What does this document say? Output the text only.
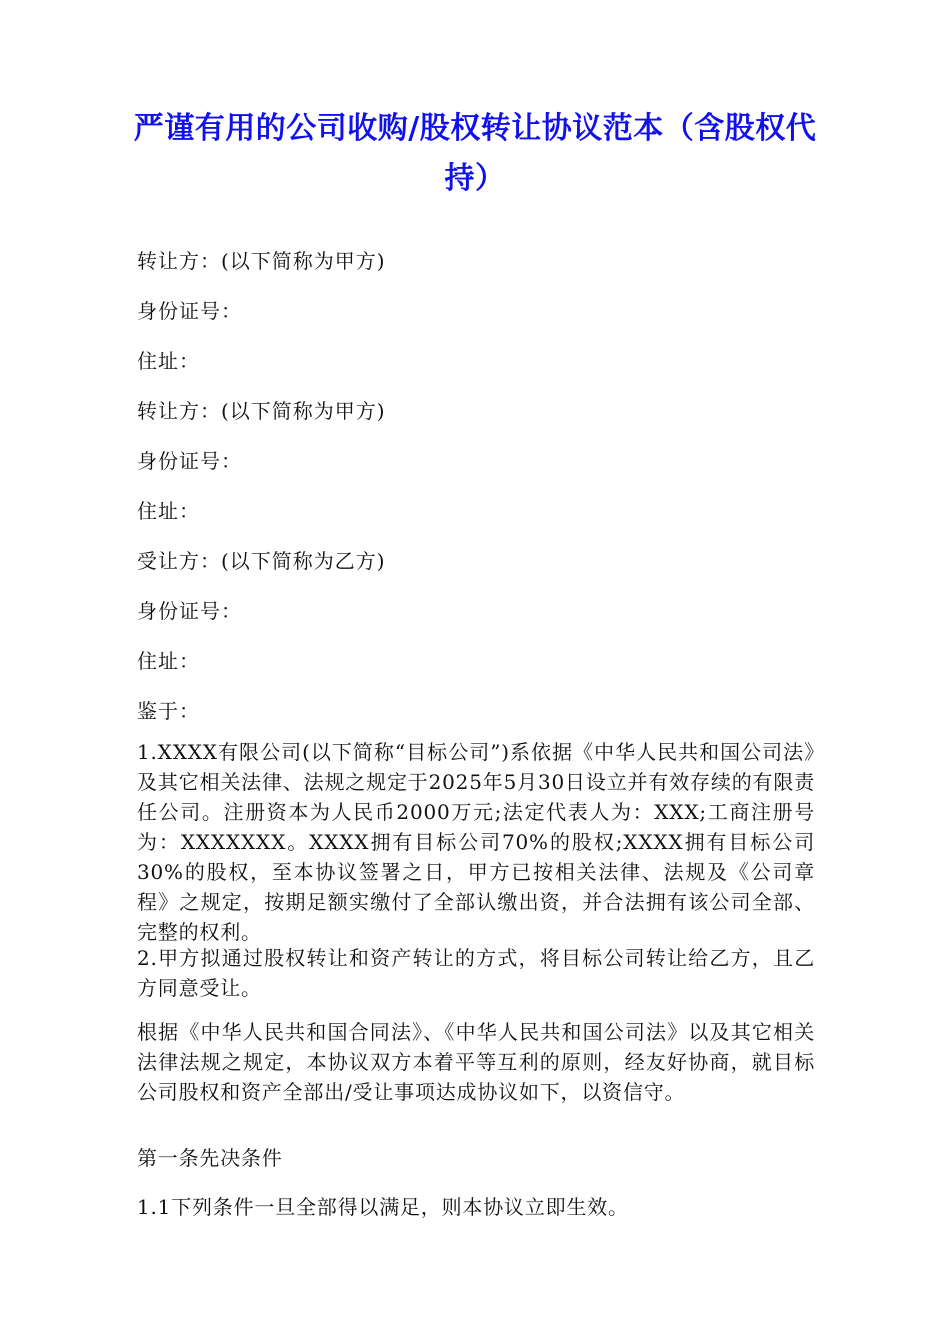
严谨有用的公司收购/股权转让协议范本（含股权代持）
转让方：(以下简称为甲方)
身份证号：
住址：
转让方：(以下简称为甲方)
身份证号：
住址：
受让方：(以下简称为乙方)
身份证号：
住址：
鉴于：
1.XXXX有限公司(以下简称“目标公司”)系依据《中华人民共和国公司法》及其它相关法律、法规之规定于2025年5月30日设立并有效存续的有限责任公司。注册资本为人民币2000万元;法定代表人为：XXX;工商注册号为：XXXXXXX。XXXX拥有目标公司70%的股权;XXXX拥有目标公司30%的股权，至本协议签署之日，甲方已按相关法律、法规及《公司章程》之规定，按期足额实缴付了全部认缴出资，并合法拥有该公司全部、完整的权利。
2.甲方拟通过股权转让和资产转让的方式，将目标公司转让给乙方，且乙方同意受让。
根据《中华人民共和国合同法》、《中华人民共和国公司法》以及其它相关法律法规之规定，本协议双方本着平等互利的原则，经友好协商，就目标公司股权和资产全部出/受让事项达成协议如下，以资信守。
第一条先决条件
1.1下列条件一旦全部得以满足，则本协议立即生效。
